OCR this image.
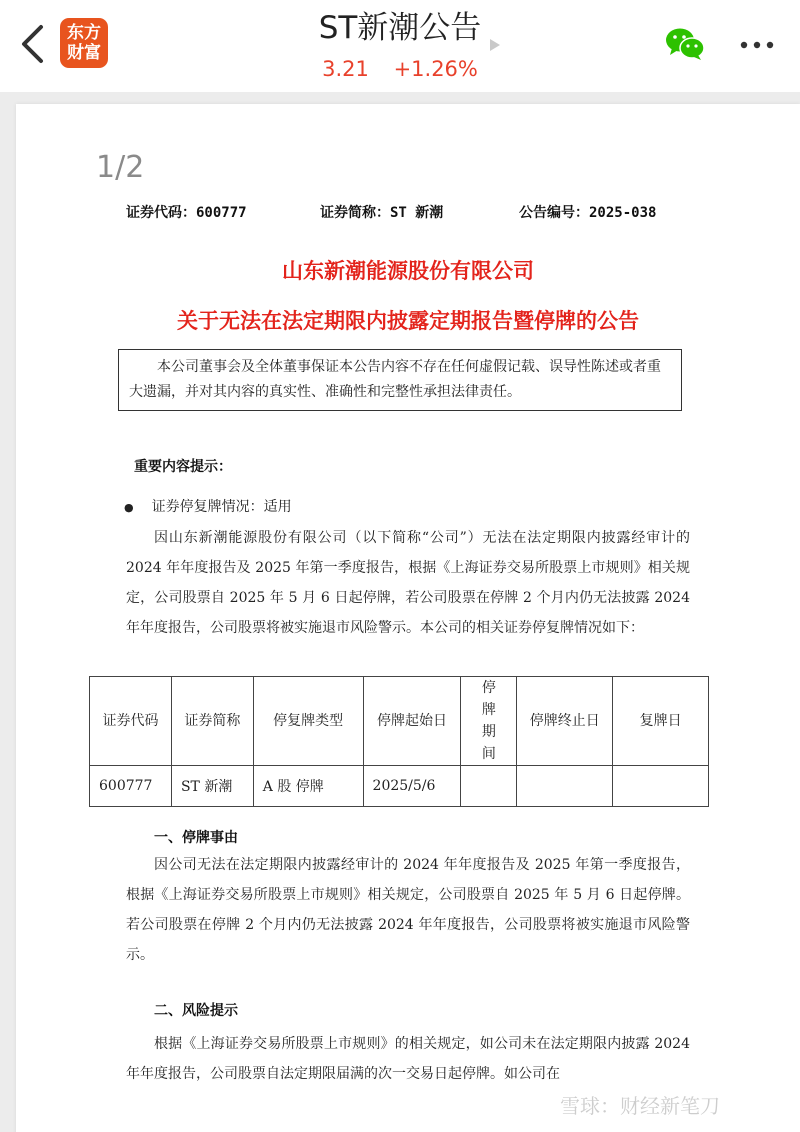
东方
财富
ST新潮公告
3.21 +1.26%
1/2
证券代码：600777	证券简称：ST 新潮	公告编号：2025-038
山东新潮能源股份有限公司
关于无法在法定期限内披露定期报告暨停牌的公告

本公司董事会及全体董事保证本公告内容不存在任何虚假记载、误导性陈述或者重大遗漏，并对其内容的真实性、准确性和完整性承担法律责任。

重要内容提示：
● 证券停复牌情况：适用

因山东新潮能源股份有限公司（以下简称“公司”）无法在法定期限内披露经审计的 2024 年年度报告及 2025 年第一季度报告，根据《上海证券交易所股票上市规则》相关规定，公司股票自 2025 年 5 月 6 日起停牌，若公司股票在停牌 2 个月内仍无法披露 2024 年年度报告，公司股票将被实施退市风险警示。本公司的相关证券停复牌情况如下：

证券代码	证券简称	停复牌类型	停牌起始日	停牌期间	停牌终止日	复牌日
600777	ST 新潮	A 股 停牌	2025/5/6			
一、停牌事由

因公司无法在法定期限内披露经审计的 2024 年年度报告及 2025 年第一季度报告，根据《上海证券交易所股票上市规则》相关规定，公司股票自 2025 年 5 月 6 日起停牌。若公司股票在停牌 2 个月内仍无法披露 2024 年年度报告，公司股票将被实施退市风险警示。

二、风险提示

根据《上海证券交易所股票上市规则》的相关规定，如公司未在法定期限内披露 2024 年年度报告，公司股票自法定期限届满的次一交易日起停牌。如公司在

雪球：财经新笔刀
